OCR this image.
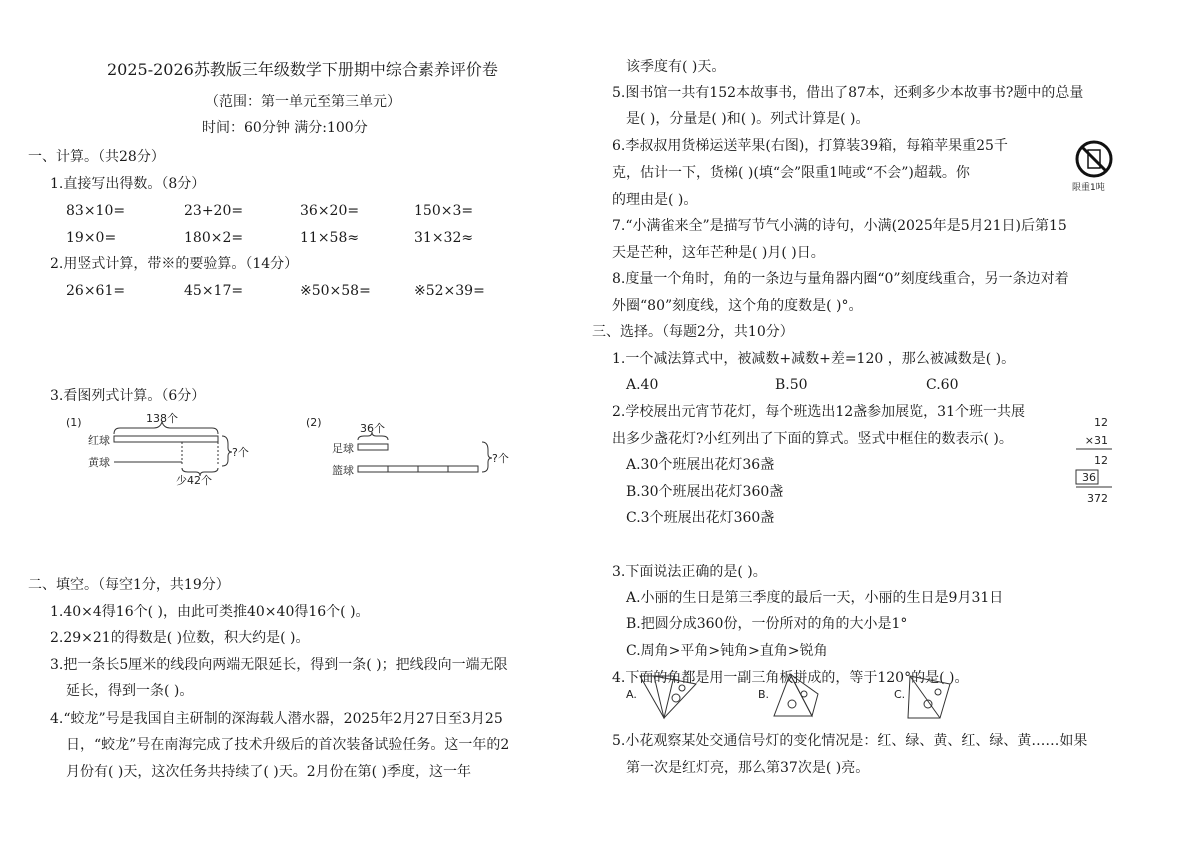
2025-2026苏教版三年级数学下册期中综合素养评价卷
（范围：第一单元至第三单元）
时间：60分钟 满分:100分
一、计算。（共28分）
1.直接写出得数。（8分）
83×10=	23+20=	36×20=	150×3=
19×0=	180×2=	11×58≈	31×32≈
2.用竖式计算，带※的要验算。（14分）
26×61=	45×17=	※50×58=	※52×39=
3.看图列式计算。（6分）
(1)
红球
黄球
138个
?个
少42个
(2)
足球
篮球
36个
?个
二、填空。（每空1分，共19分）
1.40×4得16个( )，由此可类推40×40得16个( )。
2.29×21的得数是( )位数，积大约是( )。
3.把一条长5厘米的线段向两端无限延长，得到一条( )；把线段向一端无限
延长，得到一条( )。
4.“蛟龙”号是我国自主研制的深海载人潜水器，2025年2月27日至3月25
日，“蛟龙”号在南海完成了技术升级后的首次装备试验任务。这一年的2
月份有( )天，这次任务共持续了( )天。2月份在第( )季度，这一年
该季度有( )天。
5.图书馆一共有152本故事书，借出了87本，还剩多少本故事书?题中的总量
是( )，分量是( )和( )。列式计算是( )。
6.李叔叔用货梯运送苹果(右图)，打算装39箱，每箱苹果重25千
克，估计一下，货梯( )(填“会”限重1吨或“不会”)超载。你
的理由是( )。
7.“小满雀来全”是描写节气小满的诗句，小满(2025年是5月21日)后第15
天是芒种，这年芒种是( )月( )日。
8.度量一个角时，角的一条边与量角器内圈“0”刻度线重合，另一条边对着
外圈“80”刻度线，这个角的度数是( )°。
限重1吨
三、选择。（每题2分，共10分）
1.一个减法算式中，被减数+减数+差=120 ，那么被减数是( )。
A.40	B.50	C.60
2.学校展出元宵节花灯，每个班选出12盏参加展览，31个班一共展
出多少盏花灯?小红列出了下面的算式。竖式中框住的数表示( )。
A.30个班展出花灯36盏
B.30个班展出花灯360盏
C.3个班展出花灯360盏
12
×31
12
36
372
3.下面说法正确的是( )。
A.小丽的生日是第三季度的最后一天，小丽的生日是9月31日
B.把圆分成360份，一份所对的角的大小是1°
C.周角>平角>钝角>直角>锐角
4.下面的角都是用一副三角板拼成的，等于120°的是( )。
A.	B.	C.
5.小花观察某处交通信号灯的变化情况是：红、绿、黄、红、绿、黄……如果
第一次是红灯亮，那么第37次是( )亮。
